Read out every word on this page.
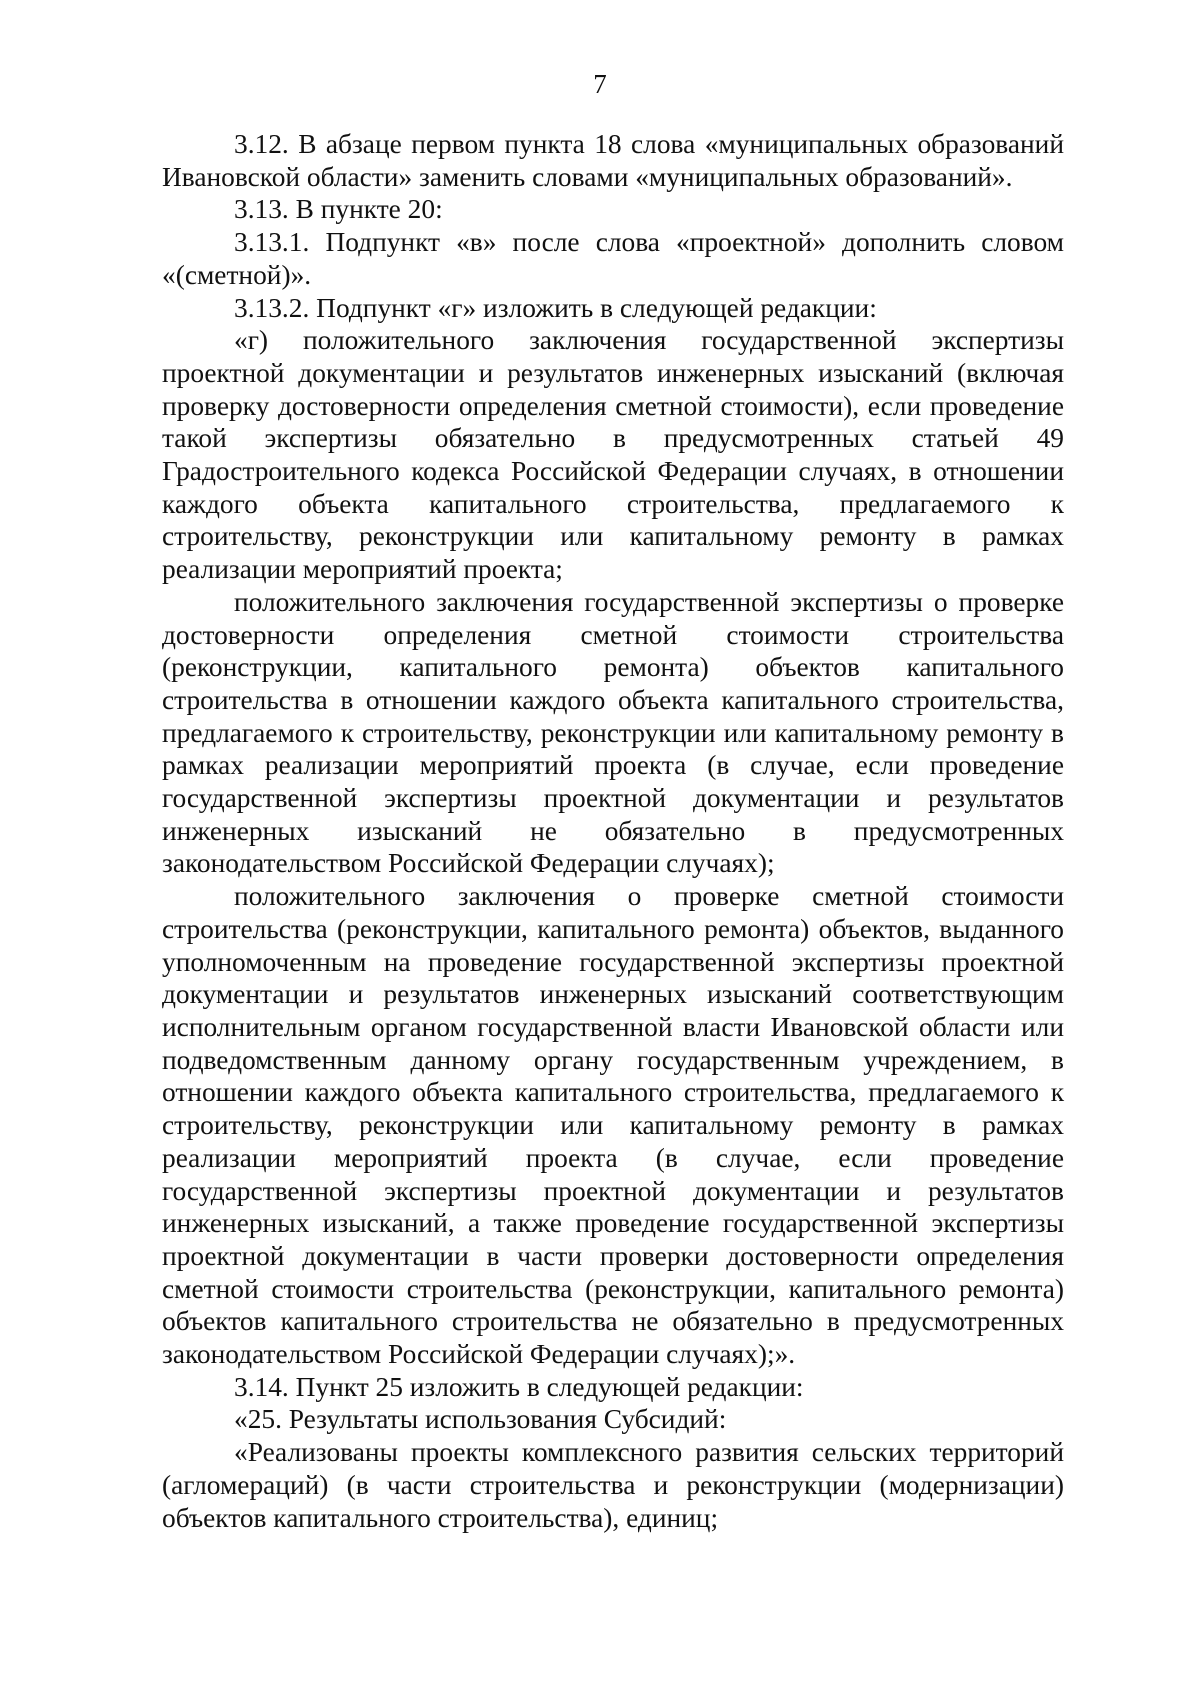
7

3.12. В абзаце первом пункта 18 слова «муниципальных образований Ивановской области» заменить словами «муниципальных образований».

3.13. В пункте 20:

3.13.1. Подпункт «в» после слова «проектной» дополнить словом «(сметной)».

3.13.2. Подпункт «г» изложить в следующей редакции:

«г) положительного заключения государственной экспертизы проектной документации и результатов инженерных изысканий (включая проверку достоверности определения сметной стоимости), если проведение такой экспертизы обязательно в предусмотренных статьей 49 Градостроительного кодекса Российской Федерации случаях, в отношении каждого объекта капитального строительства, предлагаемого к строительству, реконструкции или капитальному ремонту в рамках реализации мероприятий проекта;

положительного заключения государственной экспертизы о проверке достоверности определения сметной стоимости строительства (реконструкции, капитального ремонта) объектов капитального строительства в отношении каждого объекта капитального строительства, предлагаемого к строительству, реконструкции или капитальному ремонту в рамках реализации мероприятий проекта (в случае, если проведение государственной экспертизы проектной документации и результатов инженерных изысканий не обязательно в предусмотренных законодательством Российской Федерации случаях);

положительного заключения о проверке сметной стоимости строительства (реконструкции, капитального ремонта) объектов, выданного уполномоченным на проведение государственной экспертизы проектной документации и результатов инженерных изысканий соответствующим исполнительным органом государственной власти Ивановской области или подведомственным данному органу государственным учреждением, в отношении каждого объекта капитального строительства, предлагаемого к строительству, реконструкции или капитальному ремонту в рамках реализации мероприятий проекта (в случае, если проведение государственной экспертизы проектной документации и результатов инженерных изысканий, а также проведение государственной экспертизы проектной документации в части проверки достоверности определения сметной стоимости строительства (реконструкции, капитального ремонта) объектов капитального строительства не обязательно в предусмотренных законодательством Российской Федерации случаях);».

3.14. Пункт 25 изложить в следующей редакции:

«25. Результаты использования Субсидий:

«Реализованы проекты комплексного развития сельских территорий (агломераций) (в части строительства и реконструкции (модернизации) объектов капитального строительства), единиц;
